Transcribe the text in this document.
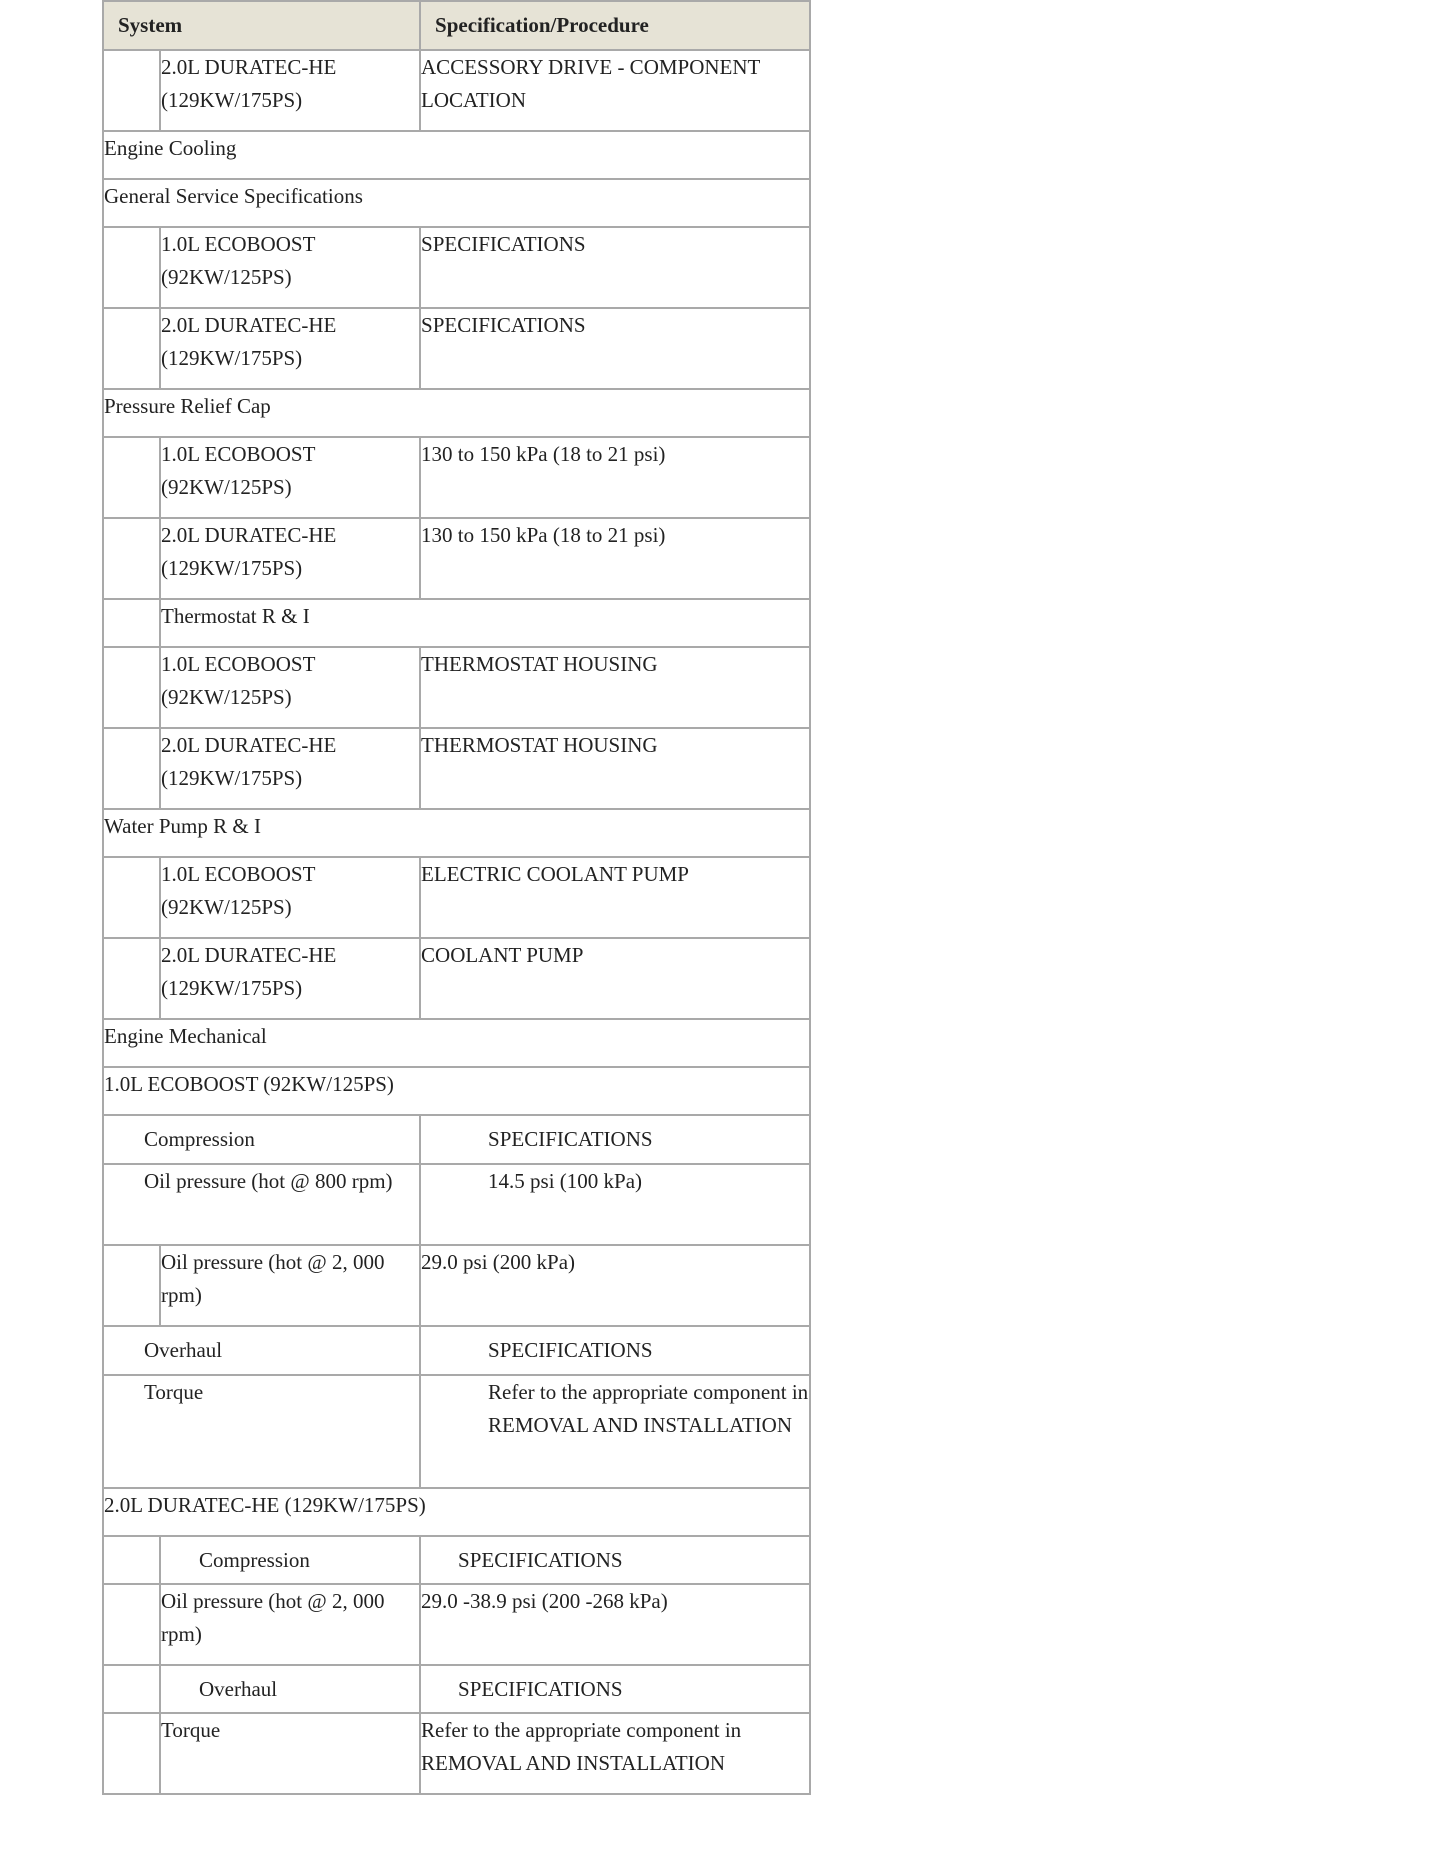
System		Specification/Procedure
	2.0L DURATEC-HE (129KW/175PS)	ACCESSORY DRIVE - COMPONENT LOCATION
Engine Cooling		
General Service Specifications		
	1.0L ECOBOOST (92KW/125PS)	SPECIFICATIONS
	2.0L DURATEC-HE (129KW/175PS)	SPECIFICATIONS
Pressure Relief Cap		
	1.0L ECOBOOST (92KW/125PS)	130 to 150 kPa (18 to 21 psi)
	2.0L DURATEC-HE (129KW/175PS)	130 to 150 kPa (18 to 21 psi)
	Thermostat R & I	
	1.0L ECOBOOST (92KW/125PS)	THERMOSTAT HOUSING
	2.0L DURATEC-HE (129KW/175PS)	THERMOSTAT HOUSING
Water Pump R & I		
	1.0L ECOBOOST (92KW/125PS)	ELECTRIC COOLANT PUMP
	2.0L DURATEC-HE (129KW/175PS)	COOLANT PUMP
Engine Mechanical		
1.0L ECOBOOST (92KW/125PS)		
Compression		SPECIFICATIONS
Oil pressure (hot @ 800 rpm)		14.5 psi (100 kPa)
	Oil pressure (hot @ 2, 000 rpm)	29.0 psi (200 kPa)
Overhaul		SPECIFICATIONS
Torque		Refer to the appropriate component in REMOVAL AND INSTALLATION
2.0L DURATEC-HE (129KW/175PS)		
	Compression	SPECIFICATIONS
	Oil pressure (hot @ 2, 000 rpm)	29.0 -38.9 psi (200 -268 kPa)
	Overhaul	SPECIFICATIONS
	Torque	Refer to the appropriate component in REMOVAL AND INSTALLATION
